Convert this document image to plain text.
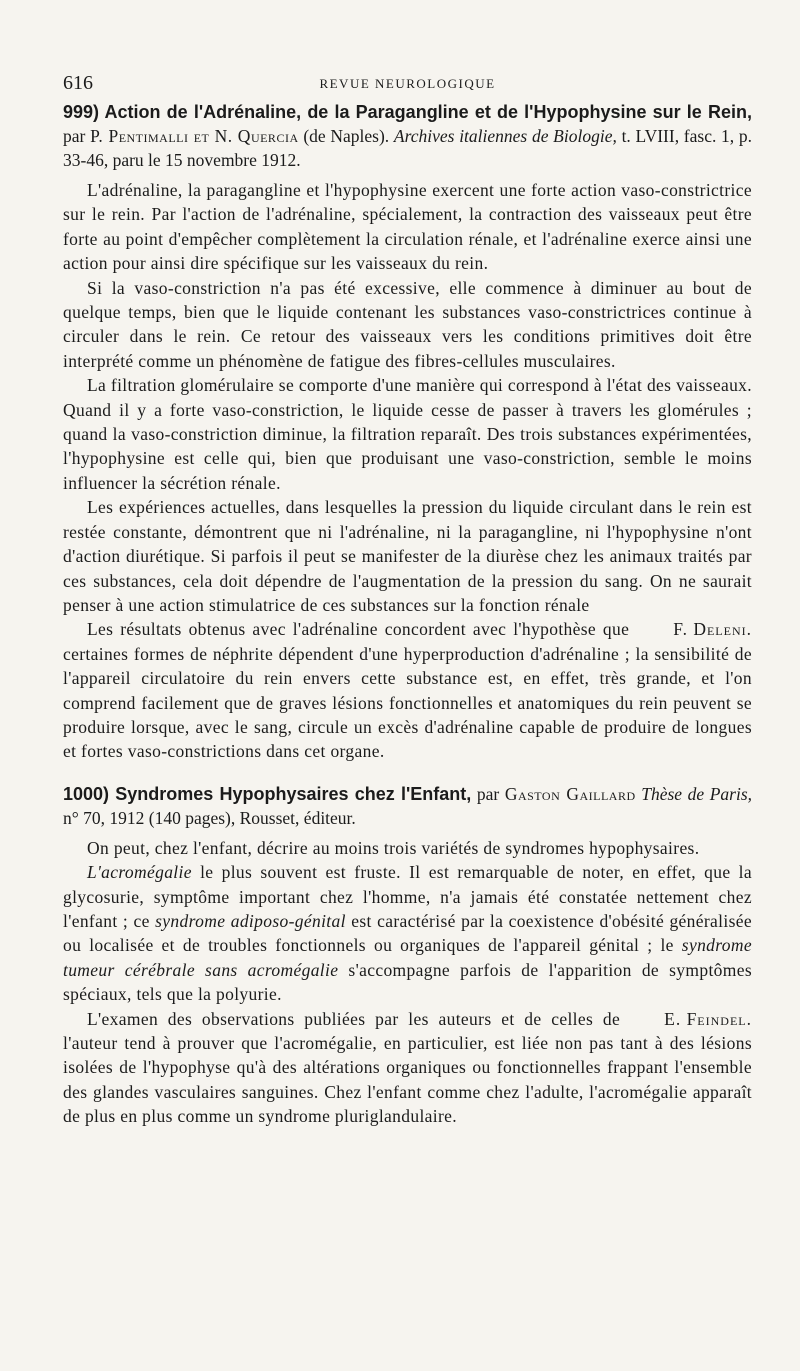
616	REVUE NEUROLOGIQUE

999) Action de l'Adrénaline, de la Paragangline et de l'Hypophysine sur le Rein, par P. Pentimalli et N. Quercia (de Naples). Archives italiennes de Biologie, t. LVIII, fasc. 1, p. 33-46, paru le 15 novembre 1912.

L'adrénaline, la paragangline et l'hypophysine exercent une forte action vaso-constrictrice sur le rein. Par l'action de l'adrénaline, spécialement, la contraction des vaisseaux peut être forte au point d'empêcher complètement la circulation rénale, et l'adrénaline exerce ainsi une action pour ainsi dire spécifique sur les vaisseaux du rein.

Si la vaso-constriction n'a pas été excessive, elle commence à diminuer au bout de quelque temps, bien que le liquide contenant les substances vaso-constrictrices continue à circuler dans le rein. Ce retour des vaisseaux vers les conditions primitives doit être interprété comme un phénomène de fatigue des fibres-cellules musculaires.

La filtration glomérulaire se comporte d'une manière qui correspond à l'état des vaisseaux. Quand il y a forte vaso-constriction, le liquide cesse de passer à travers les glomérules ; quand la vaso-constriction diminue, la filtration reparaît. Des trois substances expérimentées, l'hypophysine est celle qui, bien que produisant une vaso-constriction, semble le moins influencer la sécrétion rénale.

Les expériences actuelles, dans lesquelles la pression du liquide circulant dans le rein est restée constante, démontrent que ni l'adrénaline, ni la paragangline, ni l'hypophysine n'ont d'action diurétique. Si parfois il peut se manifester de la diurèse chez les animaux traités par ces substances, cela doit dépendre de l'augmentation de la pression du sang. On ne saurait penser à une action stimulatrice de ces substances sur la fonction rénale

F. Deleni.
Les résultats obtenus avec l'adrénaline concordent avec l'hypothèse que certaines formes de néphrite dépendent d'une hyperproduction d'adrénaline ; la sensibilité de l'appareil circulatoire du rein envers cette substance est, en effet, très grande, et l'on comprend facilement que de graves lésions fonctionnelles et anatomiques du rein peuvent se produire lorsque, avec le sang, circule un excès d'adrénaline capable de produire de longues et fortes vaso-constrictions dans cet organe.

1000) Syndromes Hypophysaires chez l'Enfant, par Gaston Gaillard Thèse de Paris, n° 70, 1912 (140 pages), Rousset, éditeur.

On peut, chez l'enfant, décrire au moins trois variétés de syndromes hypophysaires.

L'acromégalie le plus souvent est fruste. Il est remarquable de noter, en effet, que la glycosurie, symptôme important chez l'homme, n'a jamais été constatée nettement chez l'enfant ; ce syndrome adiposo-génital est caractérisé par la coexistence d'obésité généralisée ou localisée et de troubles fonctionnels ou organiques de l'appareil génital ; le syndrome tumeur cérébrale sans acromégalie s'accompagne parfois de l'apparition de symptômes spéciaux, tels que la polyurie.

E. Feindel.
L'examen des observations publiées par les auteurs et de celles de l'auteur tend à prouver que l'acromégalie, en particulier, est liée non pas tant à des lésions isolées de l'hypophyse qu'à des altérations organiques ou fonctionnelles frappant l'ensemble des glandes vasculaires sanguines. Chez l'enfant comme chez l'adulte, l'acromégalie apparaît de plus en plus comme un syndrome pluriglandulaire.
